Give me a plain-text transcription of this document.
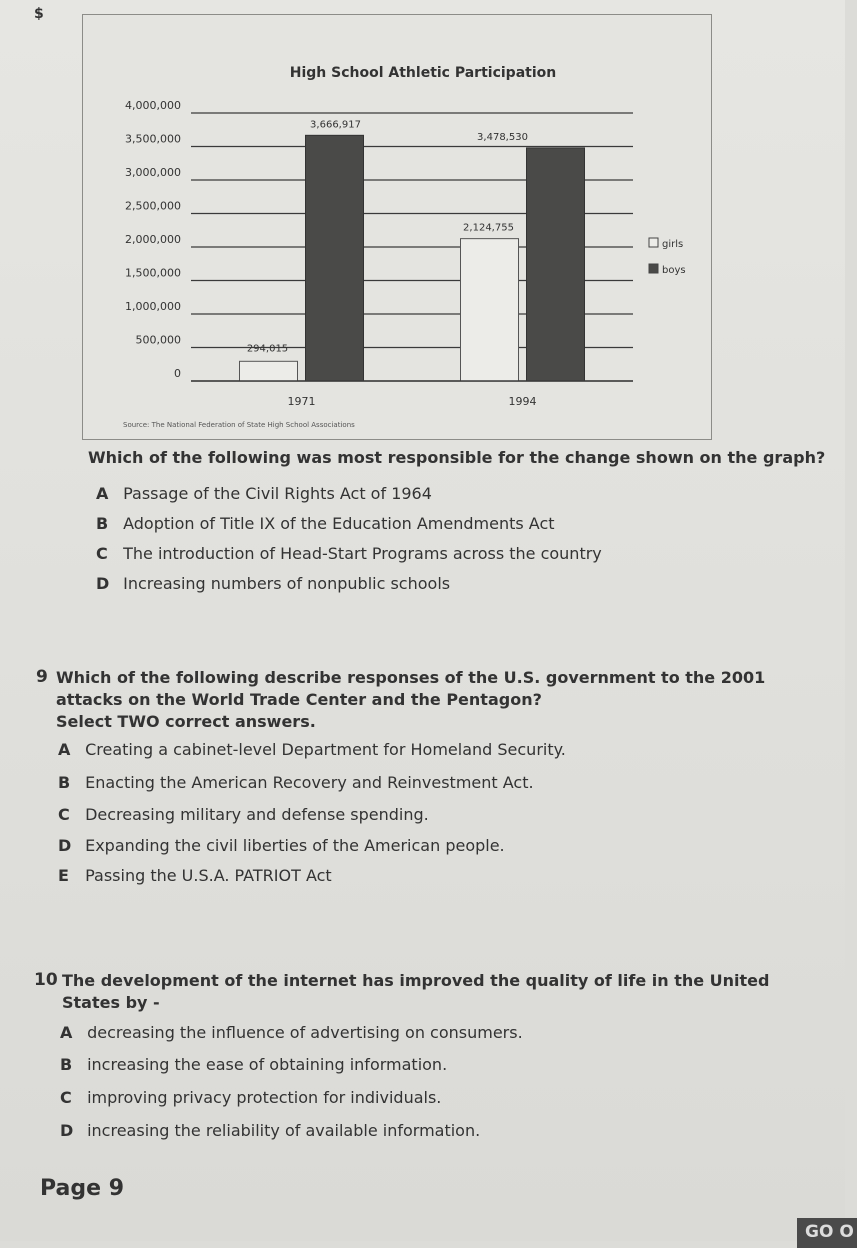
$
High School Athletic Participation
4,000,000
3,500,000
3,000,000
2,500,000
2,000,000
1,500,000
1,000,000
500,000
0
1971	1994
3,666,917
3,478,530
2,124,755
294,015
girls
boys
Source: The National Federation of State High School Associations
Which of the following was most responsible for the change shown on the graph?
A Passage of the Civil Rights Act of 1964
B Adoption of Title IX of the Education Amendments Act
C The introduction of Head-Start Programs across the country
D Increasing numbers of nonpublic schools
9 Which of the following describe responses of the U.S. government to the 2001
attacks on the World Trade Center and the Pentagon?
Select TWO correct answers.
A Creating a cabinet-level Department for Homeland Security.
B Enacting the American Recovery and Reinvestment Act.
C Decreasing military and defense spending.
D Expanding the civil liberties of the American people.
E Passing the U.S.A. PATRIOT Act
10 The development of the internet has improved the quality of life in the United
States by -
A decreasing the influence of advertising on consumers.
B increasing the ease of obtaining information.
C improving privacy protection for individuals.
D increasing the reliability of available information.
Page 9
GO O
